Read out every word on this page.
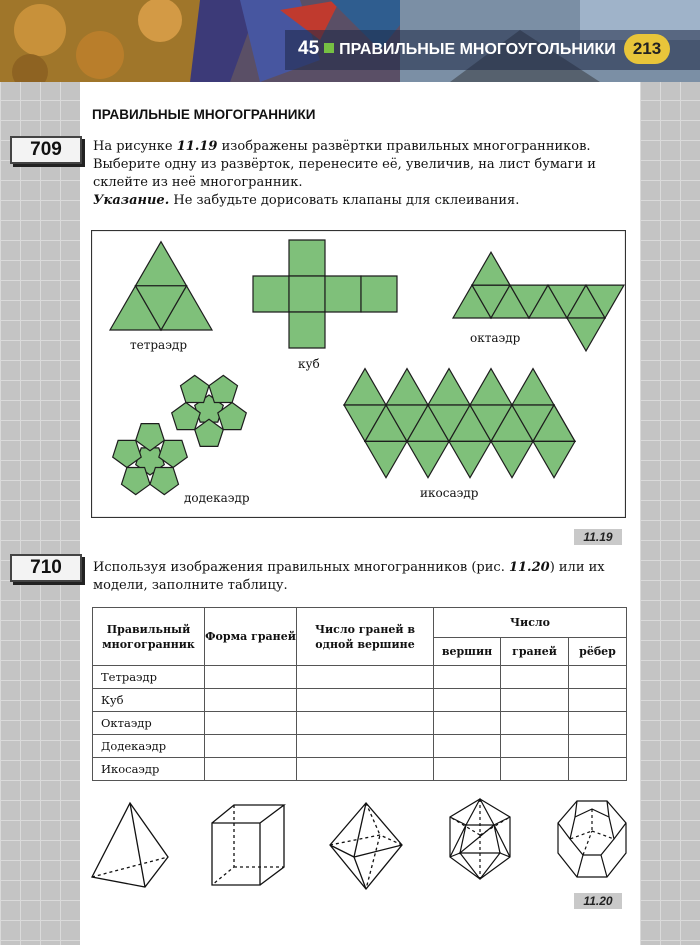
45 ПРАВИЛЬНЫЕ МНОГОУГОЛЬНИКИ	213
ПРАВИЛЬНЫЕ МНОГОГРАННИКИ
709	На рисунке 11.19 изображены развёртки правильных многогранников.
Выберите одну из развёрток, перенесите её, увеличив, на лист бумаги и
склейте из неё многогранник.
Указание. Не забудьте дорисовать клапаны для склеивания.
тетраэдр
куб
октаэдр
додекаэдр	икосаэдр
11.19
710	Используя изображения правильных многогранников (рис. 11.20) или их
модели, заполните таблицу.
Правильный многогранник	Форма граней	Число граней в одной вершине	Число		
			вершин	граней	рёбер
Тетраэдр					
Куб					
Октаэдр					
Додекаэдр					
Икосаэдр					
11.20
